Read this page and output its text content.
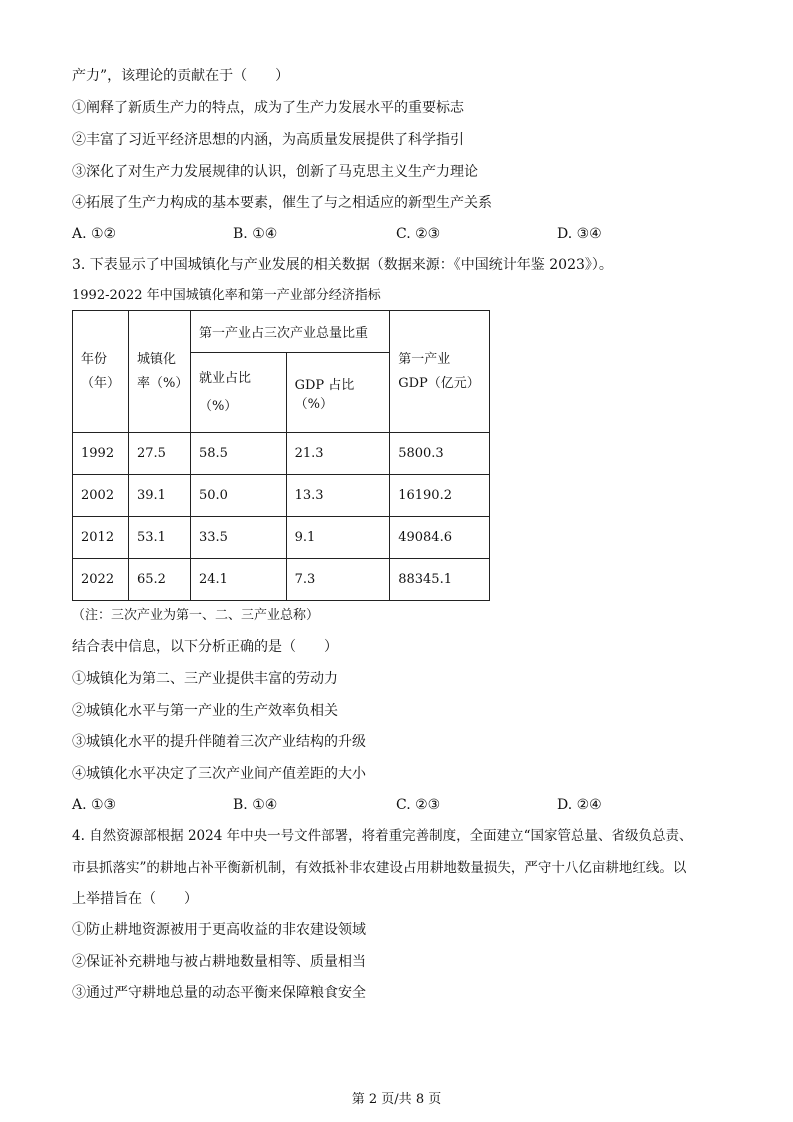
产力”，该理论的贡献在于（　　）
①阐释了新质生产力的特点，成为了生产力发展水平的重要标志
②丰富了习近平经济思想的内涵，为高质量发展提供了科学指引
③深化了对生产力发展规律的认识，创新了马克思主义生产力理论
④拓展了生产力构成的基本要素，催生了与之相适应的新型生产关系
A. ①②	B. ①④	C. ②③	D. ③④
3. 下表显示了中国城镇化与产业发展的相关数据（数据来源：《中国统计年鉴 2023》）。
1992-2022 年中国城镇化率和第一产业部分经济指标
年份（年）	城镇化率（%）	第一产业占三次产业总量比重		第一产业 GDP（亿元）

		就业占比（%）	GDP 占比（%）	
1992	27.5	58.5	21.3	5800.3
2002	39.1	50.0	13.3	16190.2
2012	53.1	33.5	9.1	49084.6
2022	65.2	24.1	7.3	88345.1
（注：三次产业为第一、二、三产业总称）
结合表中信息，以下分析正确的是（　　）
①城镇化为第二、三产业提供丰富的劳动力
②城镇化水平与第一产业的生产效率负相关
③城镇化水平的提升伴随着三次产业结构的升级
④城镇化水平决定了三次产业间产值差距的大小
A. ①③	B. ①④	C. ②③	D. ②④
4. 自然资源部根据 2024 年中央一号文件部署，将着重完善制度，全面建立“国家管总量、省级负总责、
市县抓落实”的耕地占补平衡新机制，有效抵补非农建设占用耕地数量损失，严守十八亿亩耕地红线。以
上举措旨在（　　）
①防止耕地资源被用于更高收益的非农建设领域
②保证补充耕地与被占耕地数量相等、质量相当
③通过严守耕地总量的动态平衡来保障粮食安全
第 2 页/共 8 页
